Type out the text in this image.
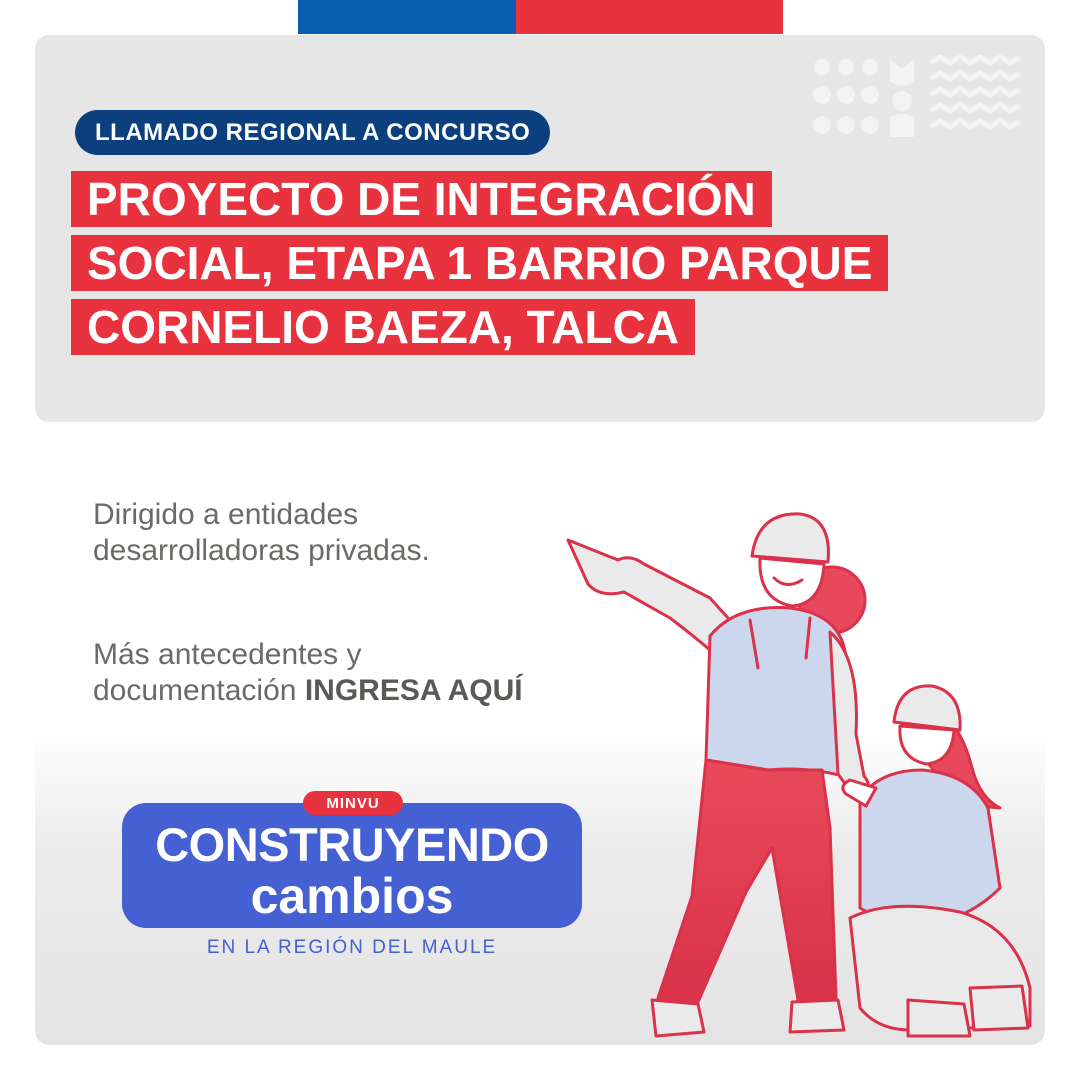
LLAMADO REGIONAL A CONCURSO
PROYECTO DE INTEGRACIÓN
SOCIAL, ETAPA 1 BARRIO PARQUE
CORNELIO BAEZA, TALCA
Dirigido a entidades
desarrolladoras privadas.
Más antecedentes y
documentación INGRESA AQUÍ
MINVU
CONSTRUYENDO
cambios
EN LA REGIÓN DEL MAULE
